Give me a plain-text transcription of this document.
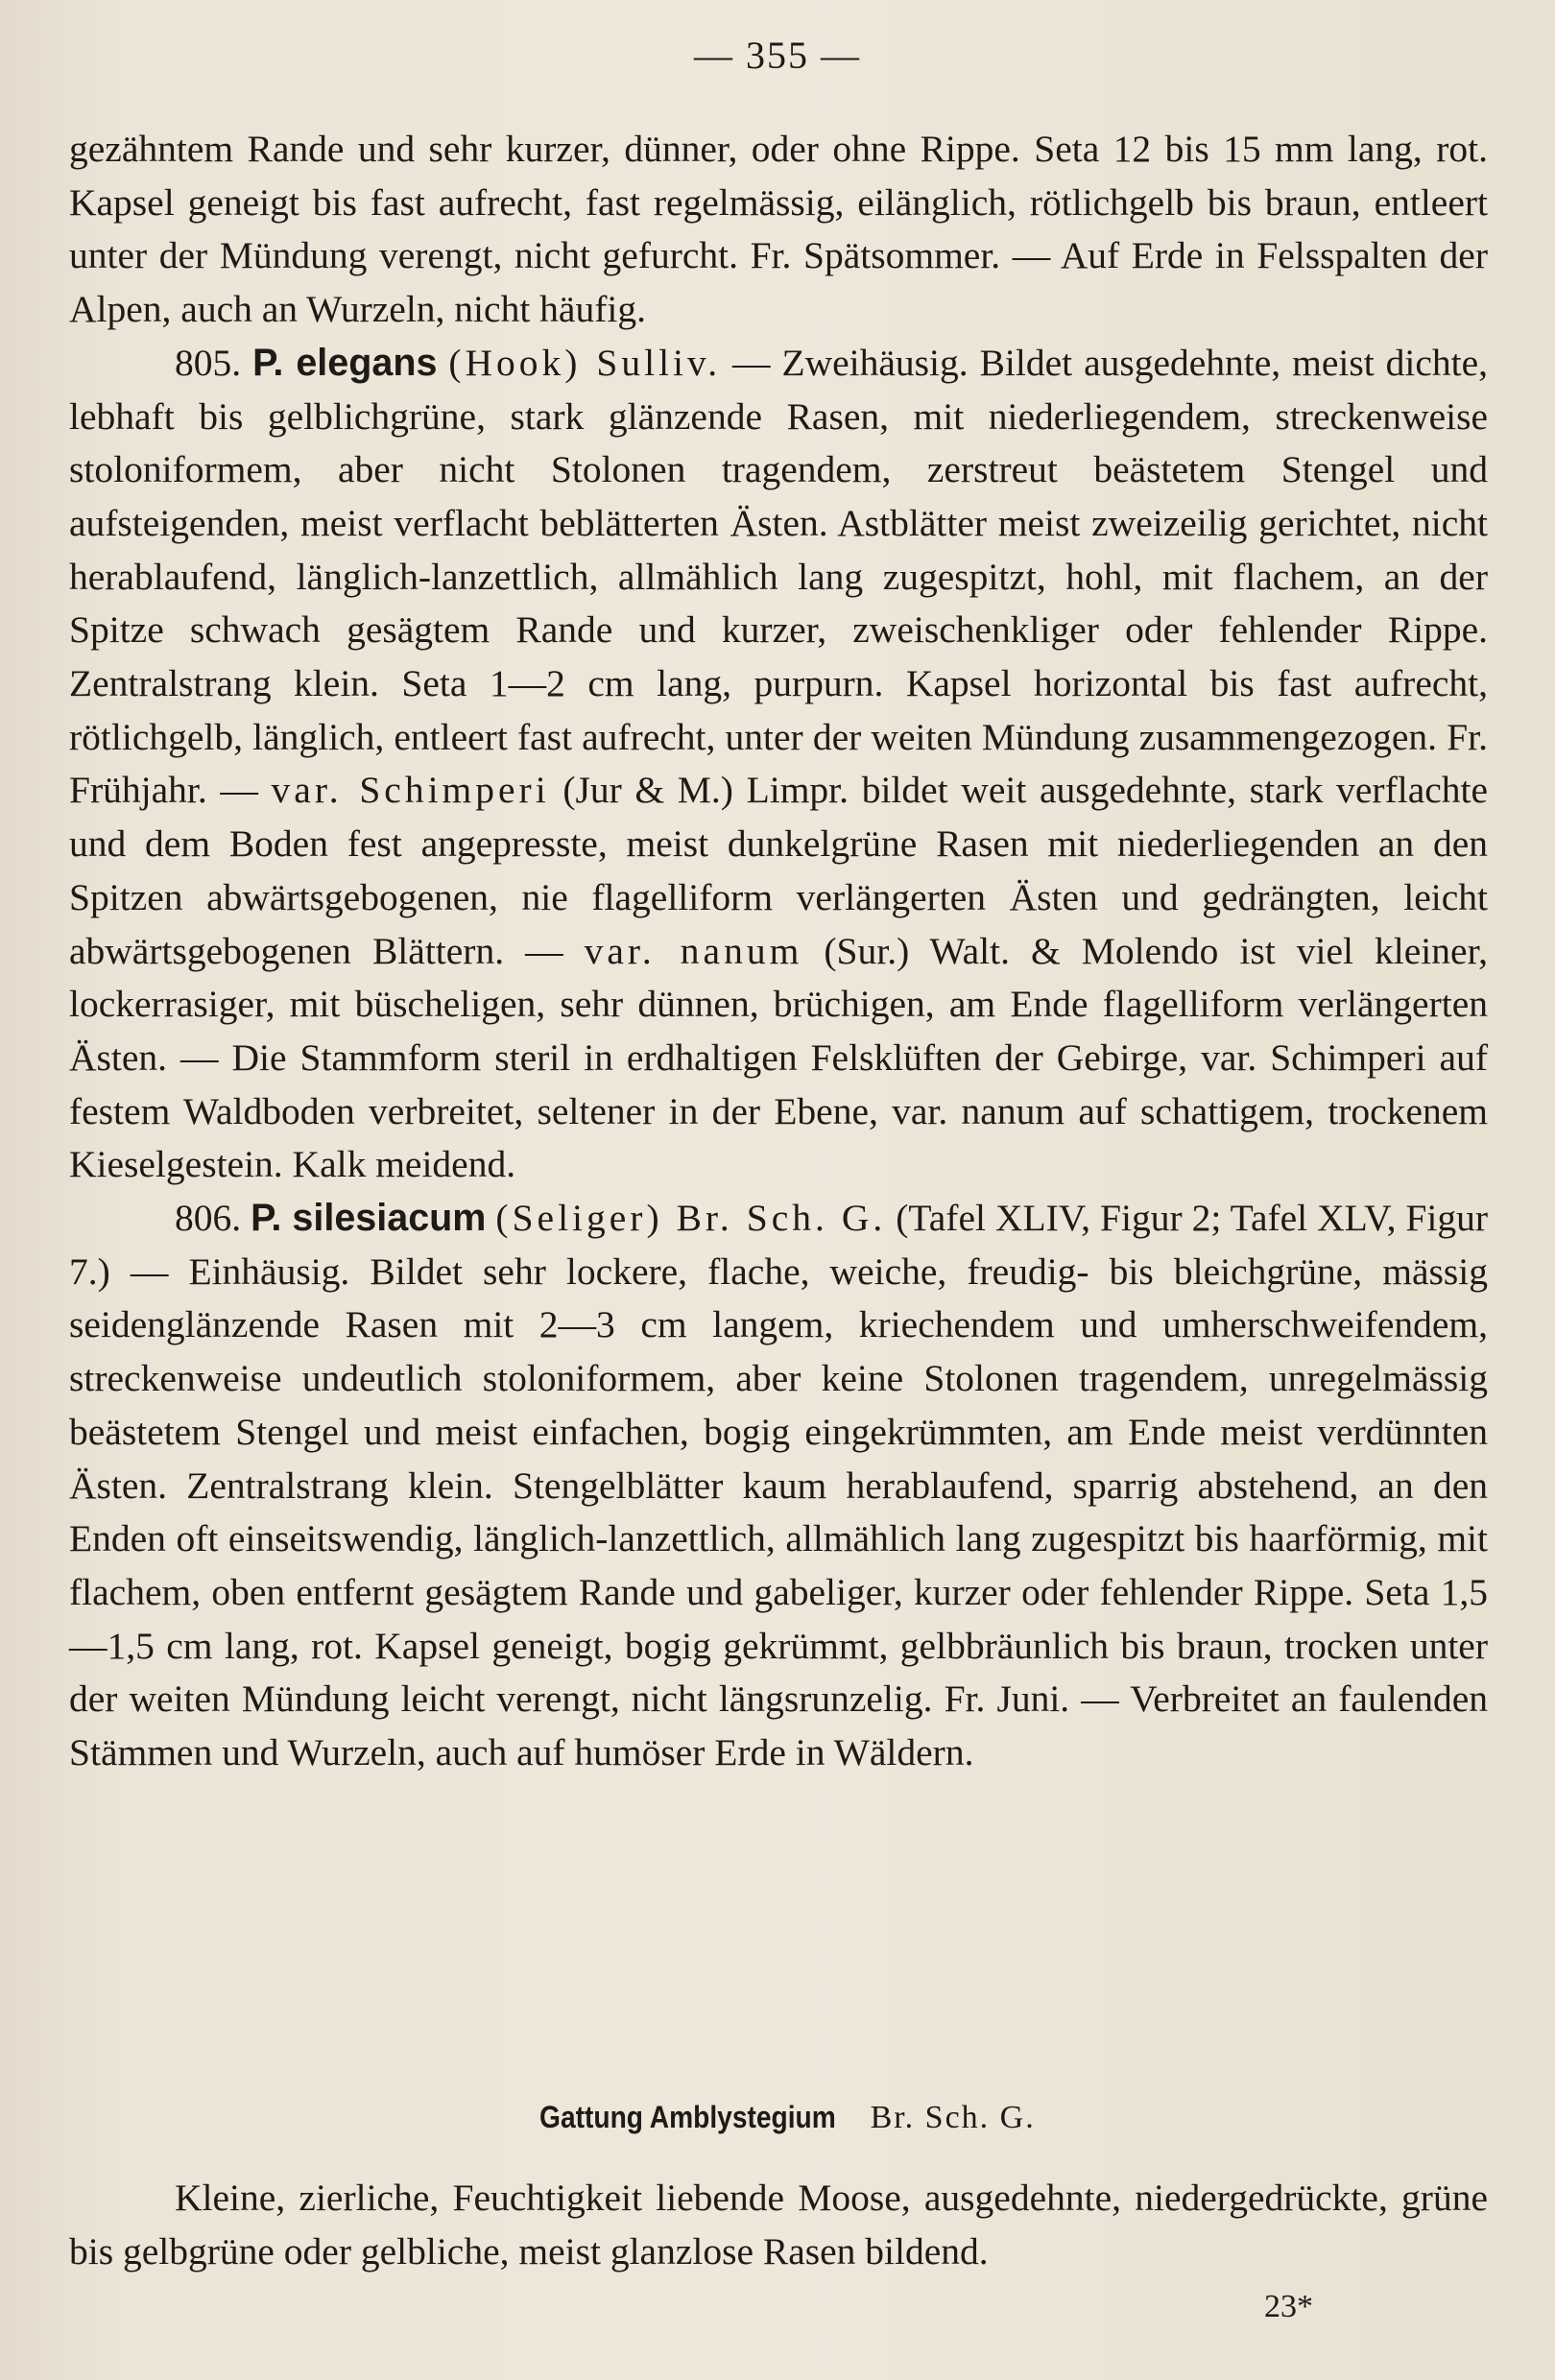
— 355 —

gezähntem Rande und sehr kurzer, dünner, oder ohne Rippe. Seta 12 bis 15 mm lang, rot. Kapsel geneigt bis fast aufrecht, fast regelmässig, eilänglich, rötlichgelb bis braun, entleert unter der Mündung verengt, nicht gefurcht. Fr. Spätsommer. — Auf Erde in Felsspalten der Alpen, auch an Wurzeln, nicht häufig.

805. P. elegans (Hook) Sulliv. — Zweihäusig. Bildet ausgedehnte, meist dichte, lebhaft bis gelblichgrüne, stark glänzende Rasen, mit niederliegendem, streckenweise stoloniformem, aber nicht Stolonen tragendem, zerstreut beästetem Stengel und aufsteigenden, meist verflacht beblätterten Ästen. Astblätter meist zweizeilig gerichtet, nicht herablaufend, länglich-lanzettlich, allmählich lang zugespitzt, hohl, mit flachem, an der Spitze schwach gesägtem Rande und kurzer, zweischenkliger oder fehlender Rippe. Zentralstrang klein. Seta 1—2 cm lang, purpurn. Kapsel horizontal bis fast aufrecht, rötlichgelb, länglich, entleert fast aufrecht, unter der weiten Mündung zusammengezogen. Fr. Frühjahr. — var. Schimperi (Jur & M.) Limpr. bildet weit ausgedehnte, stark verflachte und dem Boden fest angepresste, meist dunkelgrüne Rasen mit niederliegenden an den Spitzen abwärtsgebogenen, nie flagelliform verlängerten Ästen und gedrängten, leicht abwärtsgebogenen Blättern. — var. nanum (Sur.) Walt. & Molendo ist viel kleiner, lockerrasiger, mit büscheligen, sehr dünnen, brüchigen, am Ende flagelliform verlängerten Ästen. — Die Stammform steril in erdhaltigen Felsklüften der Gebirge, var. Schimperi auf festem Waldboden verbreitet, seltener in der Ebene, var. nanum auf schattigem, trockenem Kieselgestein. Kalk meidend.

806. P. silesiacum (Seliger) Br. Sch. G. (Tafel XLIV, Figur 2; Tafel XLV, Figur 7.) — Einhäusig. Bildet sehr lockere, flache, weiche, freudig- bis bleichgrüne, mässig seidenglänzende Rasen mit 2—3 cm langem, kriechendem und umherschweifendem, streckenweise undeutlich stoloniformem, aber keine Stolonen tragendem, unregelmässig beästetem Stengel und meist einfachen, bogig eingekrümmten, am Ende meist verdünnten Ästen. Zentralstrang klein. Stengelblätter kaum herablaufend, sparrig abstehend, an den Enden oft einseitswendig, länglich-lanzettlich, allmählich lang zugespitzt bis haarförmig, mit flachem, oben entfernt gesägtem Rande und gabeliger, kurzer oder fehlender Rippe. Seta 1,5—1,5 cm lang, rot. Kapsel geneigt, bogig gekrümmt, gelbbräunlich bis braun, trocken unter der weiten Mündung leicht verengt, nicht längsrunzelig. Fr. Juni. — Verbreitet an faulenden Stämmen und Wurzeln, auch auf humöser Erde in Wäldern.

Gattung Amblystegium Br. Sch. G.

Kleine, zierliche, Feuchtigkeit liebende Moose, ausgedehnte, niedergedrückte, grüne bis gelbgrüne oder gelbliche, meist glanzlose Rasen bildend.

23*
